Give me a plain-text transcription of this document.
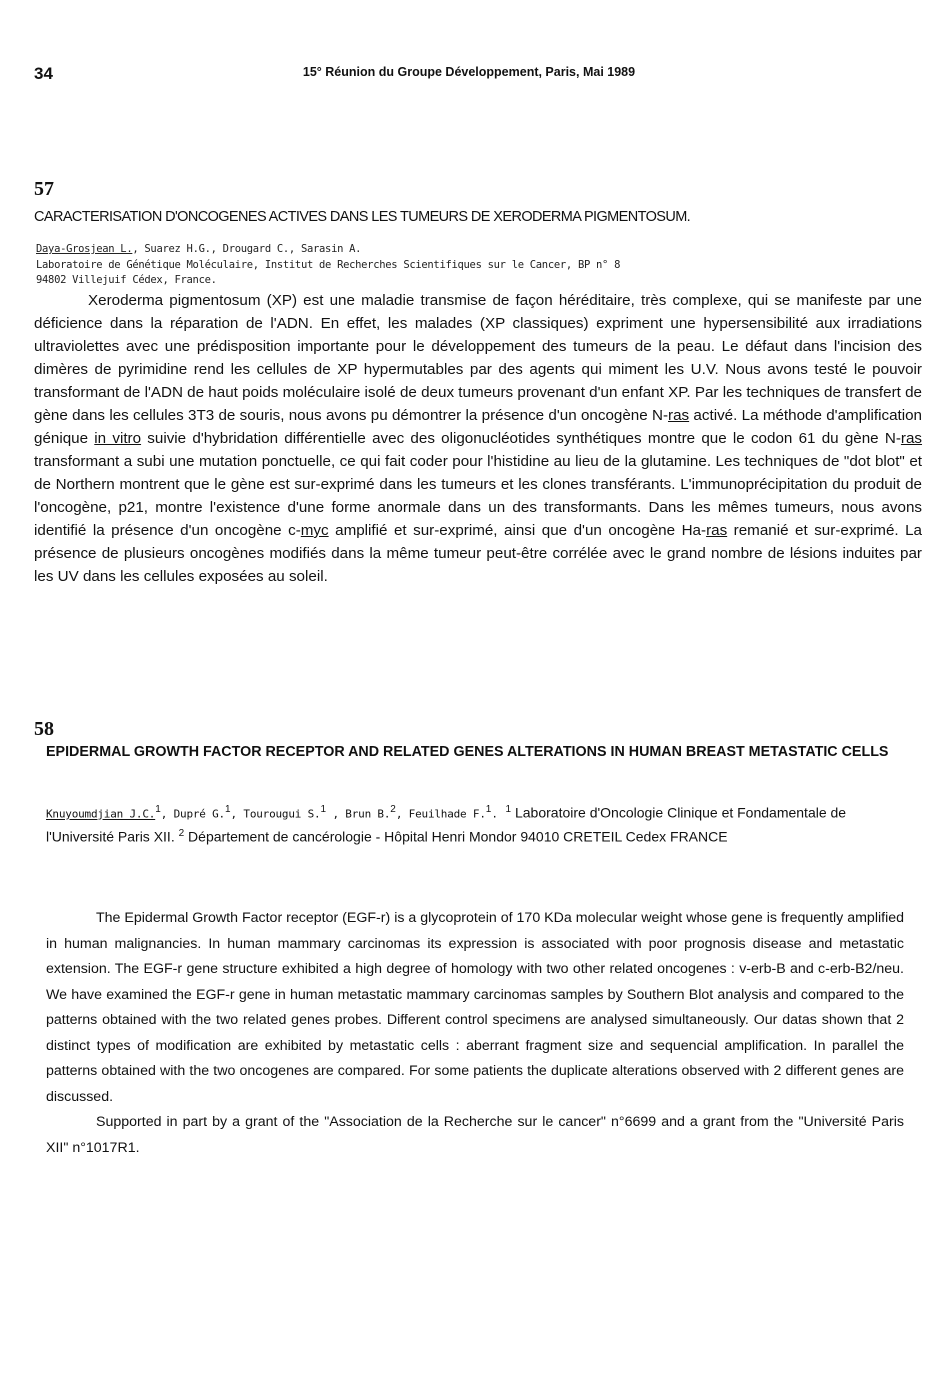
34	15° Réunion du Groupe Développement, Paris, Mai 1989
57
CARACTERISATION D'ONCOGENES ACTIVES DANS LES TUMEURS DE XERODERMA PIGMENTOSUM.
Daya-Grosjean L., Suarez H.G., Drougard C., Sarasin A.
Laboratoire de Génétique Moléculaire, Institut de Recherches Scientifiques sur le Cancer, BP n° 8
94802 Villejuif Cédex, France.

Xeroderma pigmentosum (XP) est une maladie transmise de façon héréditaire, très complexe, qui se manifeste par une déficience dans la réparation de l'ADN. En effet, les malades (XP classiques) expriment une hypersensibilité aux irradiations ultraviolettes avec une prédisposition importante pour le développement des tumeurs de la peau. Le défaut dans l'incision des dimères de pyrimidine rend les cellules de XP hypermutables par des agents qui miment les U.V. Nous avons testé le pouvoir transformant de l'ADN de haut poids moléculaire isolé de deux tumeurs provenant d'un enfant XP. Par les techniques de transfert de gène dans les cellules 3T3 de souris, nous avons pu démontrer la présence d'un oncogène N-ras activé. La méthode d'amplification génique in vitro suivie d'hybridation différentielle avec des oligonucléotides synthétiques montre que le codon 61 du gène N-ras transformant a subi une mutation ponctuelle, ce qui fait coder pour l'histidine au lieu de la glutamine. Les techniques de "dot blot" et de Northern montrent que le gène est sur-exprimé dans les tumeurs et les clones transférants. L'immunoprécipitation du produit de l'oncogène, p21, montre l'existence d'une forme anormale dans un des transformants. Dans les mêmes tumeurs, nous avons identifié la présence d'un oncogène c-myc amplifié et sur-exprimé, ainsi que d'un oncogène Ha-ras remanié et sur-exprimé. La présence de plusieurs oncogènes modifiés dans la même tumeur peut-être corrélée avec le grand nombre de lésions induites par les UV dans les cellules exposées au soleil.

58
EPIDERMAL GROWTH FACTOR RECEPTOR AND RELATED GENES ALTERATIONS IN HUMAN BREAST METASTATIC CELLS
Knuyoumdjian J.C.$^1$, Dupré G.$^1$, Tourougui S.$^1$ , Brun B.$^2$, Feuilhade F.$^1$. $^1$ Laboratoire d'Oncologie Clinique et Fondamentale de l'Université Paris XII. $^2$ Département de cancérologie - Hôpital Henri Mondor 94010 CRETEIL Cedex FRANCE

The Epidermal Growth Factor receptor (EGF-r) is a glycoprotein of 170 KDa molecular weight whose gene is frequently amplified in human malignancies. In human mammary carcinomas its expression is associated with poor prognosis disease and metastatic extension. The EGF-r gene structure exhibited a high degree of homology with two other related oncogenes : v-erb-B and c-erb-B2/neu. We have examined the EGF-r gene in human metastatic mammary carcinomas samples by Southern Blot analysis and compared to the patterns obtained with the two related genes probes. Different control specimens are analysed simultaneously. Our datas shown that 2 distinct types of modification are exhibited by metastatic cells : aberrant fragment size and sequencial amplification. In parallel the patterns obtained with the two oncogenes are compared. For some patients the duplicate alterations observed with 2 different genes are discussed.

Supported in part by a grant of the "Association de la Recherche sur le cancer" n°6699 and a grant from the "Université Paris XII" n°1017R1.
